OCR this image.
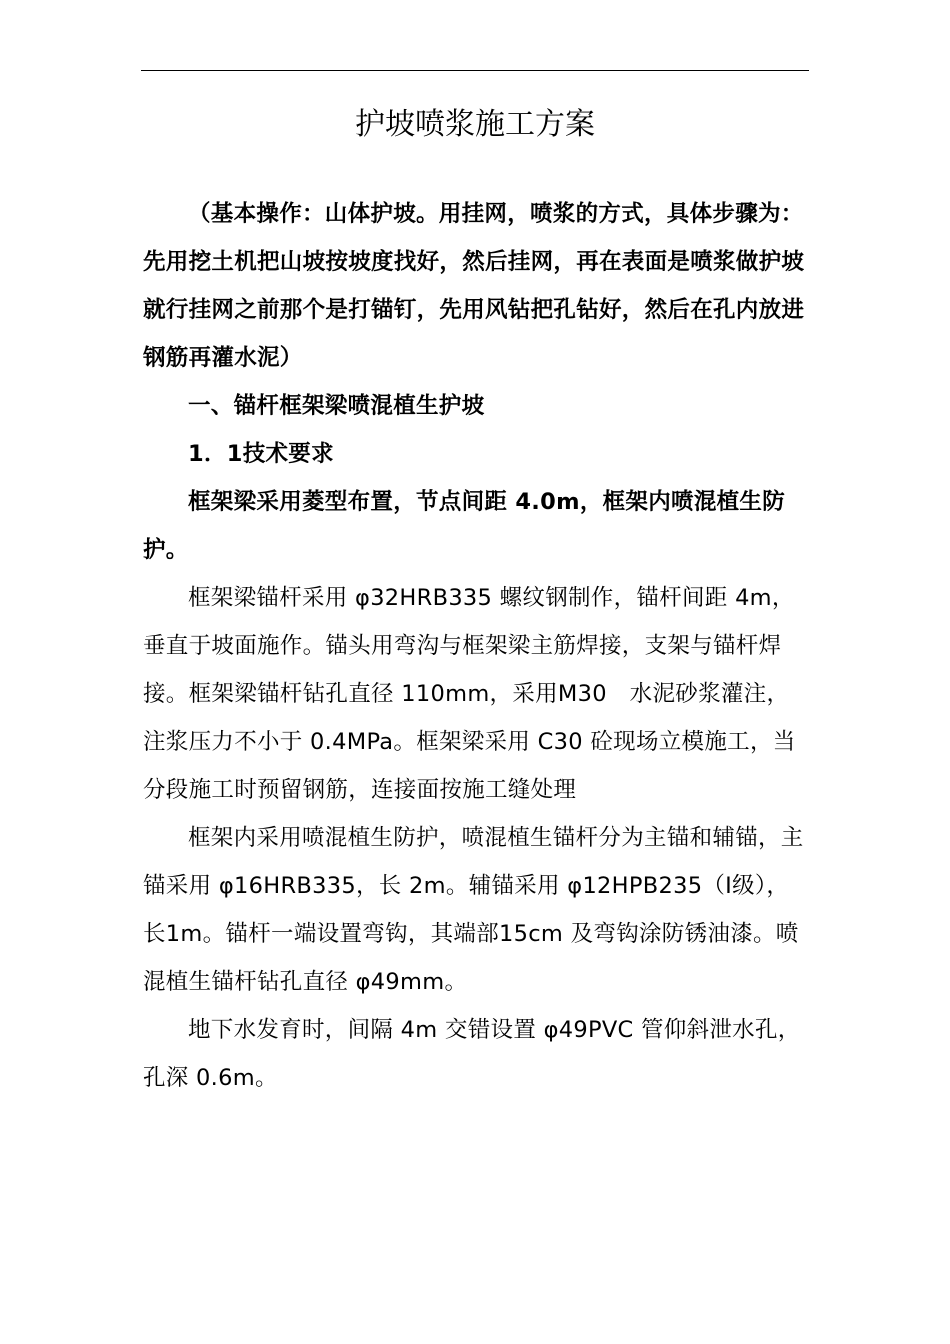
护坡喷浆施工方案

（基本操作：山体护坡。用挂网，喷浆的方式，具体步骤为：先用挖土机把山坡按坡度找好，然后挂网，再在表面是喷浆做护坡就行挂网之前那个是打锚钉，先用风钻把孔钻好，然后在孔内放进钢筋再灌水泥）

一、锚杆框架梁喷混植生护坡

1．1技术要求

框架梁采用菱型布置，节点间距 4.0m，框架内喷混植生防护。

框架梁锚杆采用 φ32HRB335 螺纹钢制作，锚杆间距 4m，垂直于坡面施作。锚头用弯沟与框架梁主筋焊接，支架与锚杆焊接。框架梁锚杆钻孔直径 110mm，采用M30　水泥砂浆灌注，注浆压力不小于 0.4MPa。框架梁采用 C30 砼现场立模施工，当分段施工时预留钢筋，连接面按施工缝处理

框架内采用喷混植生防护，喷混植生锚杆分为主锚和辅锚，主锚采用 φ16HRB335，长 2m。辅锚采用 φ12HPB235（I级），长1m。锚杆一端设置弯钩，其端部15cm 及弯钩涂防锈油漆。喷混植生锚杆钻孔直径 φ49mm。

地下水发育时，间隔 4m 交错设置 φ49PVC 管仰斜泄水孔，孔深 0.6m。
